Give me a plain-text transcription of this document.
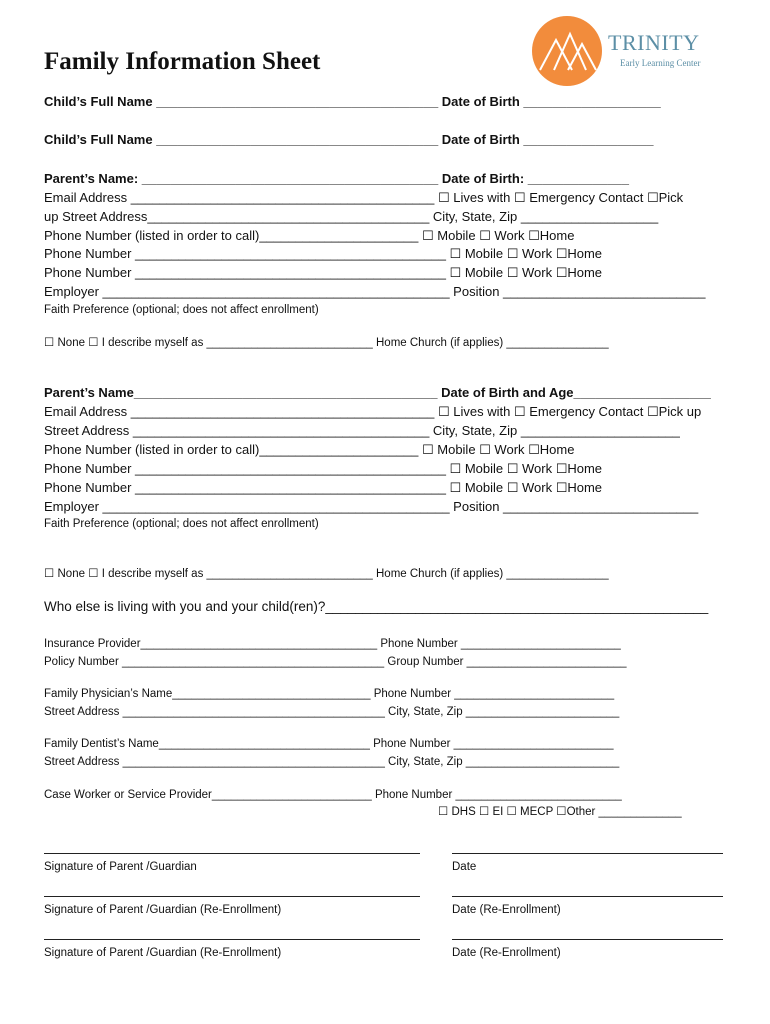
TRINITY
Early Learning Center
Family Information Sheet
Child’s Full Name _______________________________________ Date of Birth ___________________
Child’s Full Name _______________________________________ Date of Birth __________________
Parent’s Name: _________________________________________ Date of Birth: ______________
Email Address __________________________________________ ☐ Lives with ☐ Emergency Contact ☐Pick
up Street Address_______________________________________ City, State, Zip ___________________
Phone Number (listed in order to call)______________________ ☐ Mobile ☐ Work ☐Home
Phone Number ___________________________________________ ☐ Mobile ☐ Work ☐Home
Phone Number ___________________________________________ ☐ Mobile ☐ Work ☐Home
Employer ________________________________________________ Position ____________________________
Faith Preference (optional; does not affect enrollment)
☐ None ☐ I describe myself as __________________________ Home Church (if applies) ________________
Parent’s Name__________________________________________ Date of Birth and Age___________________
Email Address __________________________________________ ☐ Lives with ☐ Emergency Contact ☐Pick up
Street Address _________________________________________ City, State, Zip ______________________
Phone Number (listed in order to call)______________________ ☐ Mobile ☐ Work ☐Home
Phone Number ___________________________________________ ☐ Mobile ☐ Work ☐Home
Phone Number ___________________________________________ ☐ Mobile ☐ Work ☐Home
Employer ________________________________________________ Position ___________________________
Faith Preference (optional; does not affect enrollment)
☐ None ☐ I describe myself as __________________________ Home Church (if applies) ________________
Who else is living with you and your child(ren)?___________________________________________________
Insurance Provider_____________________________________ Phone Number _________________________
Policy Number _________________________________________ Group Number _________________________
Family Physician’s Name_______________________________ Phone Number _________________________
Street Address _________________________________________ City, State, Zip ________________________
Family Dentist’s Name_________________________________ Phone Number _________________________
Street Address _________________________________________ City, State, Zip ________________________
Case Worker or Service Provider_________________________ Phone Number __________________________
☐ DHS ☐ EI ☐ MECP ☐Other _____________
Signature of Parent /Guardian	Date
Signature of Parent /Guardian (Re-Enrollment)	Date (Re-Enrollment)
Signature of Parent /Guardian (Re-Enrollment)	Date (Re-Enrollment)
